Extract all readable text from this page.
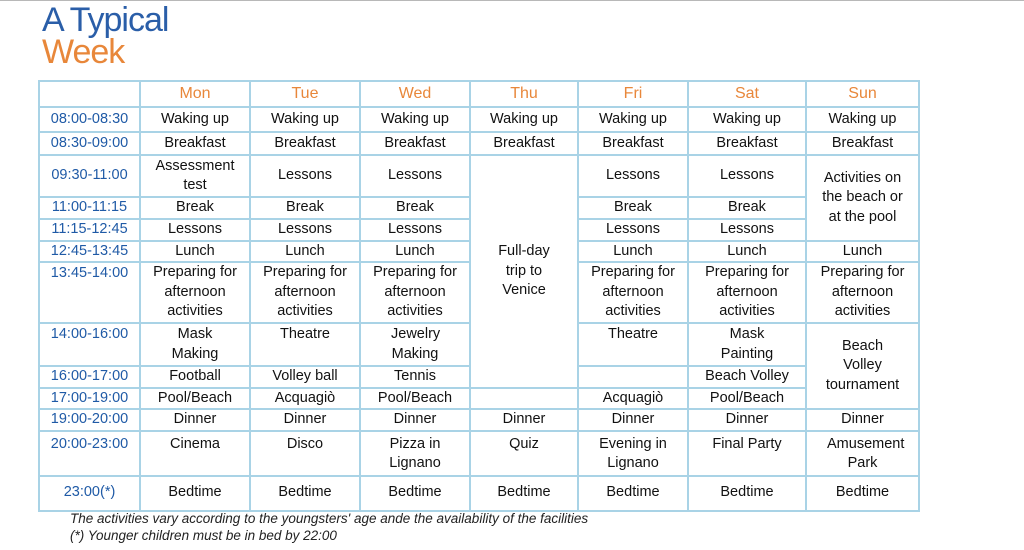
A Typical
Week
	Mon	Tue	Wed	Thu	Fri	Sat	Sun	
08:00-08:30	Waking up	Waking up	Waking up	Waking up	Waking up	Waking up	Waking up	
08:30-09:00	Breakfast	Breakfast	Breakfast	Breakfast	Breakfast	Breakfast	Breakfast	
09:30-11:00	Assessment test	Lessons	Lessons	Full-day trip to Venice	Lessons	Lessons	Activities on the beach or at the pool	
11:00-11:15	Break	Break	Break		Break	Break		
11:15-12:45	Lessons	Lessons	Lessons		Lessons	Lessons		
12:45-13:45	Lunch	Lunch	Lunch		Lunch	Lunch	Lunch	
13:45-14:00	Preparing for afternoon activities	Preparing for afternoon activities	Preparing for afternoon activities		Preparing for afternoon activities	Preparing for afternoon activities	Preparing for afternoon activities	
14:00-16:00	Mask Making	Theatre	Jewelry Making		Theatre	Mask Painting	Beach Volley tournament	
16:00-17:00	Football	Volley ball	Tennis			Beach Volley	
17:00-19:00	Pool/Beach	Acquagiò	Pool/Beach		Acquagiò	Pool/Beach		
19:00-20:00	Dinner	Dinner	Dinner	Dinner	Dinner	Dinner	Dinner	
20:00-23:00	Cinema	Disco	Pizza in Lignano	Quiz	Evening in Lignano	Final Party	Amusement Park	
23:00(*)	Bedtime	Bedtime	Bedtime	Bedtime	Bedtime	Bedtime	Bedtime	
The activities vary according to the youngsters' age ande the availability of the facilities
(*) Younger children must be in bed by 22:00
